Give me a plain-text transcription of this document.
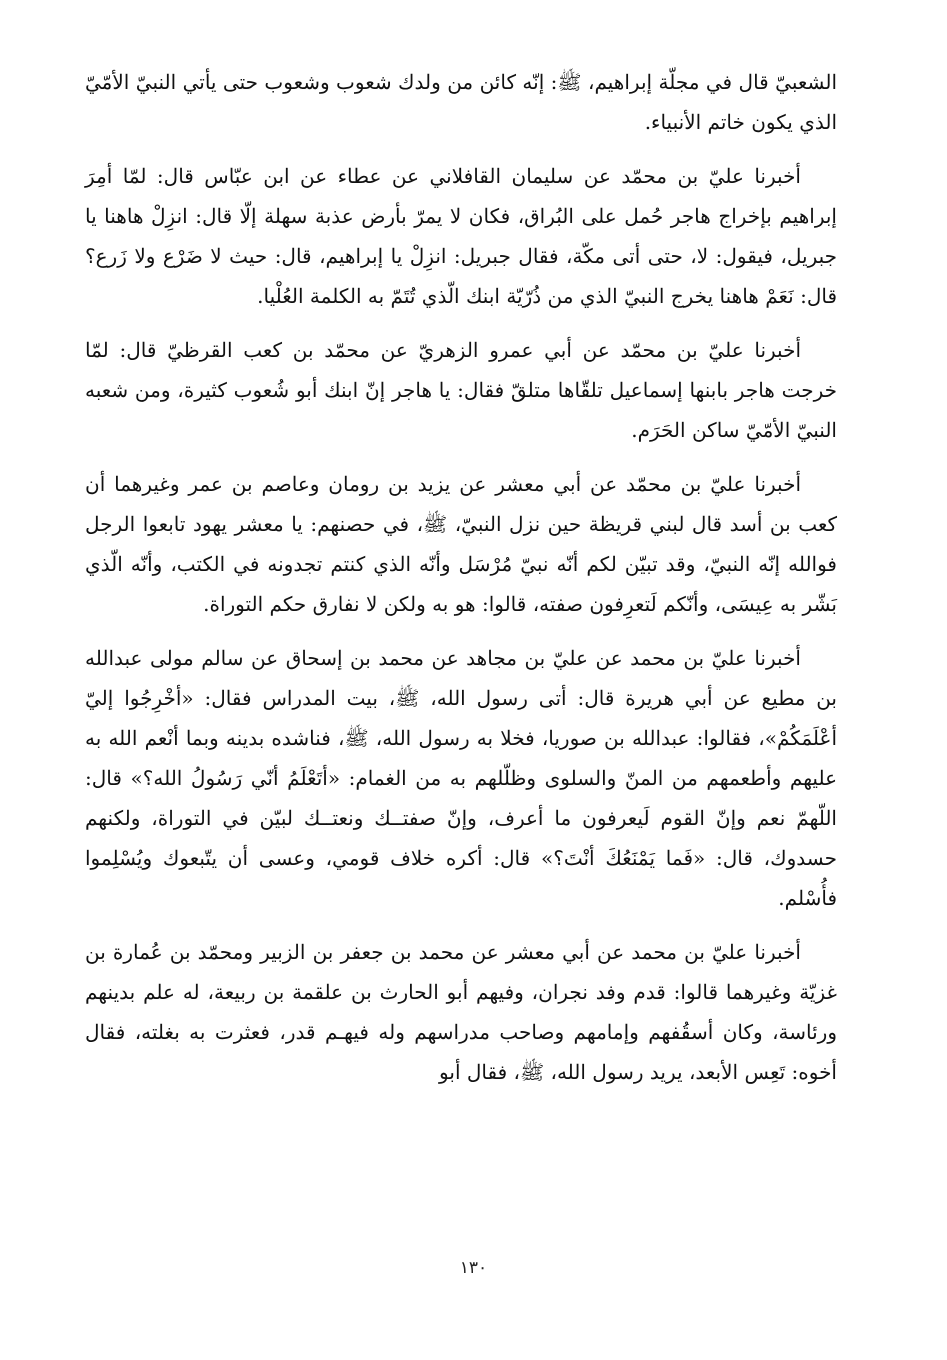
الشعبيّ قال في مجلّة إبراهيم، ﷺ: إنّه كائن من ولدك شعوب وشعوب حتى يأتي النبيّ الأمّيّ الذي يكون خاتم الأنبياء.

أخبرنا عليّ بن محمّد عن سليمان القافلاني عن عطاء عن ابن عبّاس قال: لمّا أمِرَ إبراهيم بإخراج هاجر حُمل على البُراق، فكان لا يمرّ بأرض عذبة سهلة إلّا قال: انزِلْ هاهنا يا جبريل، فيقول: لا، حتى أتى مكّة، فقال جبريل: انزِلْ يا إبراهيم، قال: حيث لا ضَرْع ولا زَرع؟ قال: نَعَمْ هاهنا يخرج النبيّ الذي من ذُرّيّة ابنك الّذي تُتَمّ به الكلمة العُلْيا.

أخبرنا عليّ بن محمّد عن أبي عمرو الزهريّ عن محمّد بن كعب القرظيّ قال: لمّا خرجت هاجر بابنها إسماعيل تلقّاها متلقّ فقال: يا هاجر إنّ ابنك أبو شُعوب كثيرة، ومن شعبه النبيّ الأمّيّ ساكن الحَرَم.

أخبرنا عليّ بن محمّد عن أبي معشر عن يزيد بن رومان وعاصم بن عمر وغيرهما أن كعب بن أسد قال لبني قريظة حين نزل النبيّ، ﷺ، في حصنهم: يا معشر يهود تابعوا الرجل فوالله إنّه النبيّ، وقد تبيّن لكم أنّه نبيّ مُرْسَل وأنّه الذي كنتم تجدونه في الكتب، وأنّه الّذي بَشّر به عِيسَى، وأنّكم لَتعرِفون صفته، قالوا: هو به ولكن لا نفارق حكم التوراة.

أخبرنا عليّ بن محمد عن عليّ بن مجاهد عن محمد بن إسحاق عن سالم مولى عبدالله بن مطيع عن أبي هريرة قال: أتى رسول الله، ﷺ، بيت المدراس فقال: «أخْرِجُوا إليّ أعْلَمَكُمْ»، فقالوا: عبدالله بن صوريا، فخلا به رسول الله، ﷺ، فناشده بدينه وبما أنْعم الله به عليهم وأطعمهم من المنّ والسلوى وظلّلهم به من الغمام: «أتَعْلَمُ أنّي رَسُولُ الله؟» قال: اللّهمّ نعم وإنّ القوم لَيعرفون ما أعرف، وإنّ صفتــك ونعتــك لبيّن في التوراة، ولكنهم حسدوك، قال: «فَما يَمْنَعُكَ أنْتَ؟» قال: أكره خلاف قومي، وعسى أن يتّبعوك ويُسْلِموا فأُسْلم.

أخبرنا عليّ بن محمد عن أبي معشر عن محمد بن جعفر بن الزبير ومحمّد بن عُمارة بن غزيّة وغيرهما قالوا: قدم وفد نجران، وفيهم أبو الحارث بن علقمة بن ربيعة، له علم بدينهم ورئاسة، وكان أسقُفهم وإمامهم وصاحب مدراسهم وله فيهـم قدر، فعثرت به بغلته، فقال أخوه: تَعِس الأبعد، يريد رسول الله، ﷺ، فقال أبو

١٣٠
